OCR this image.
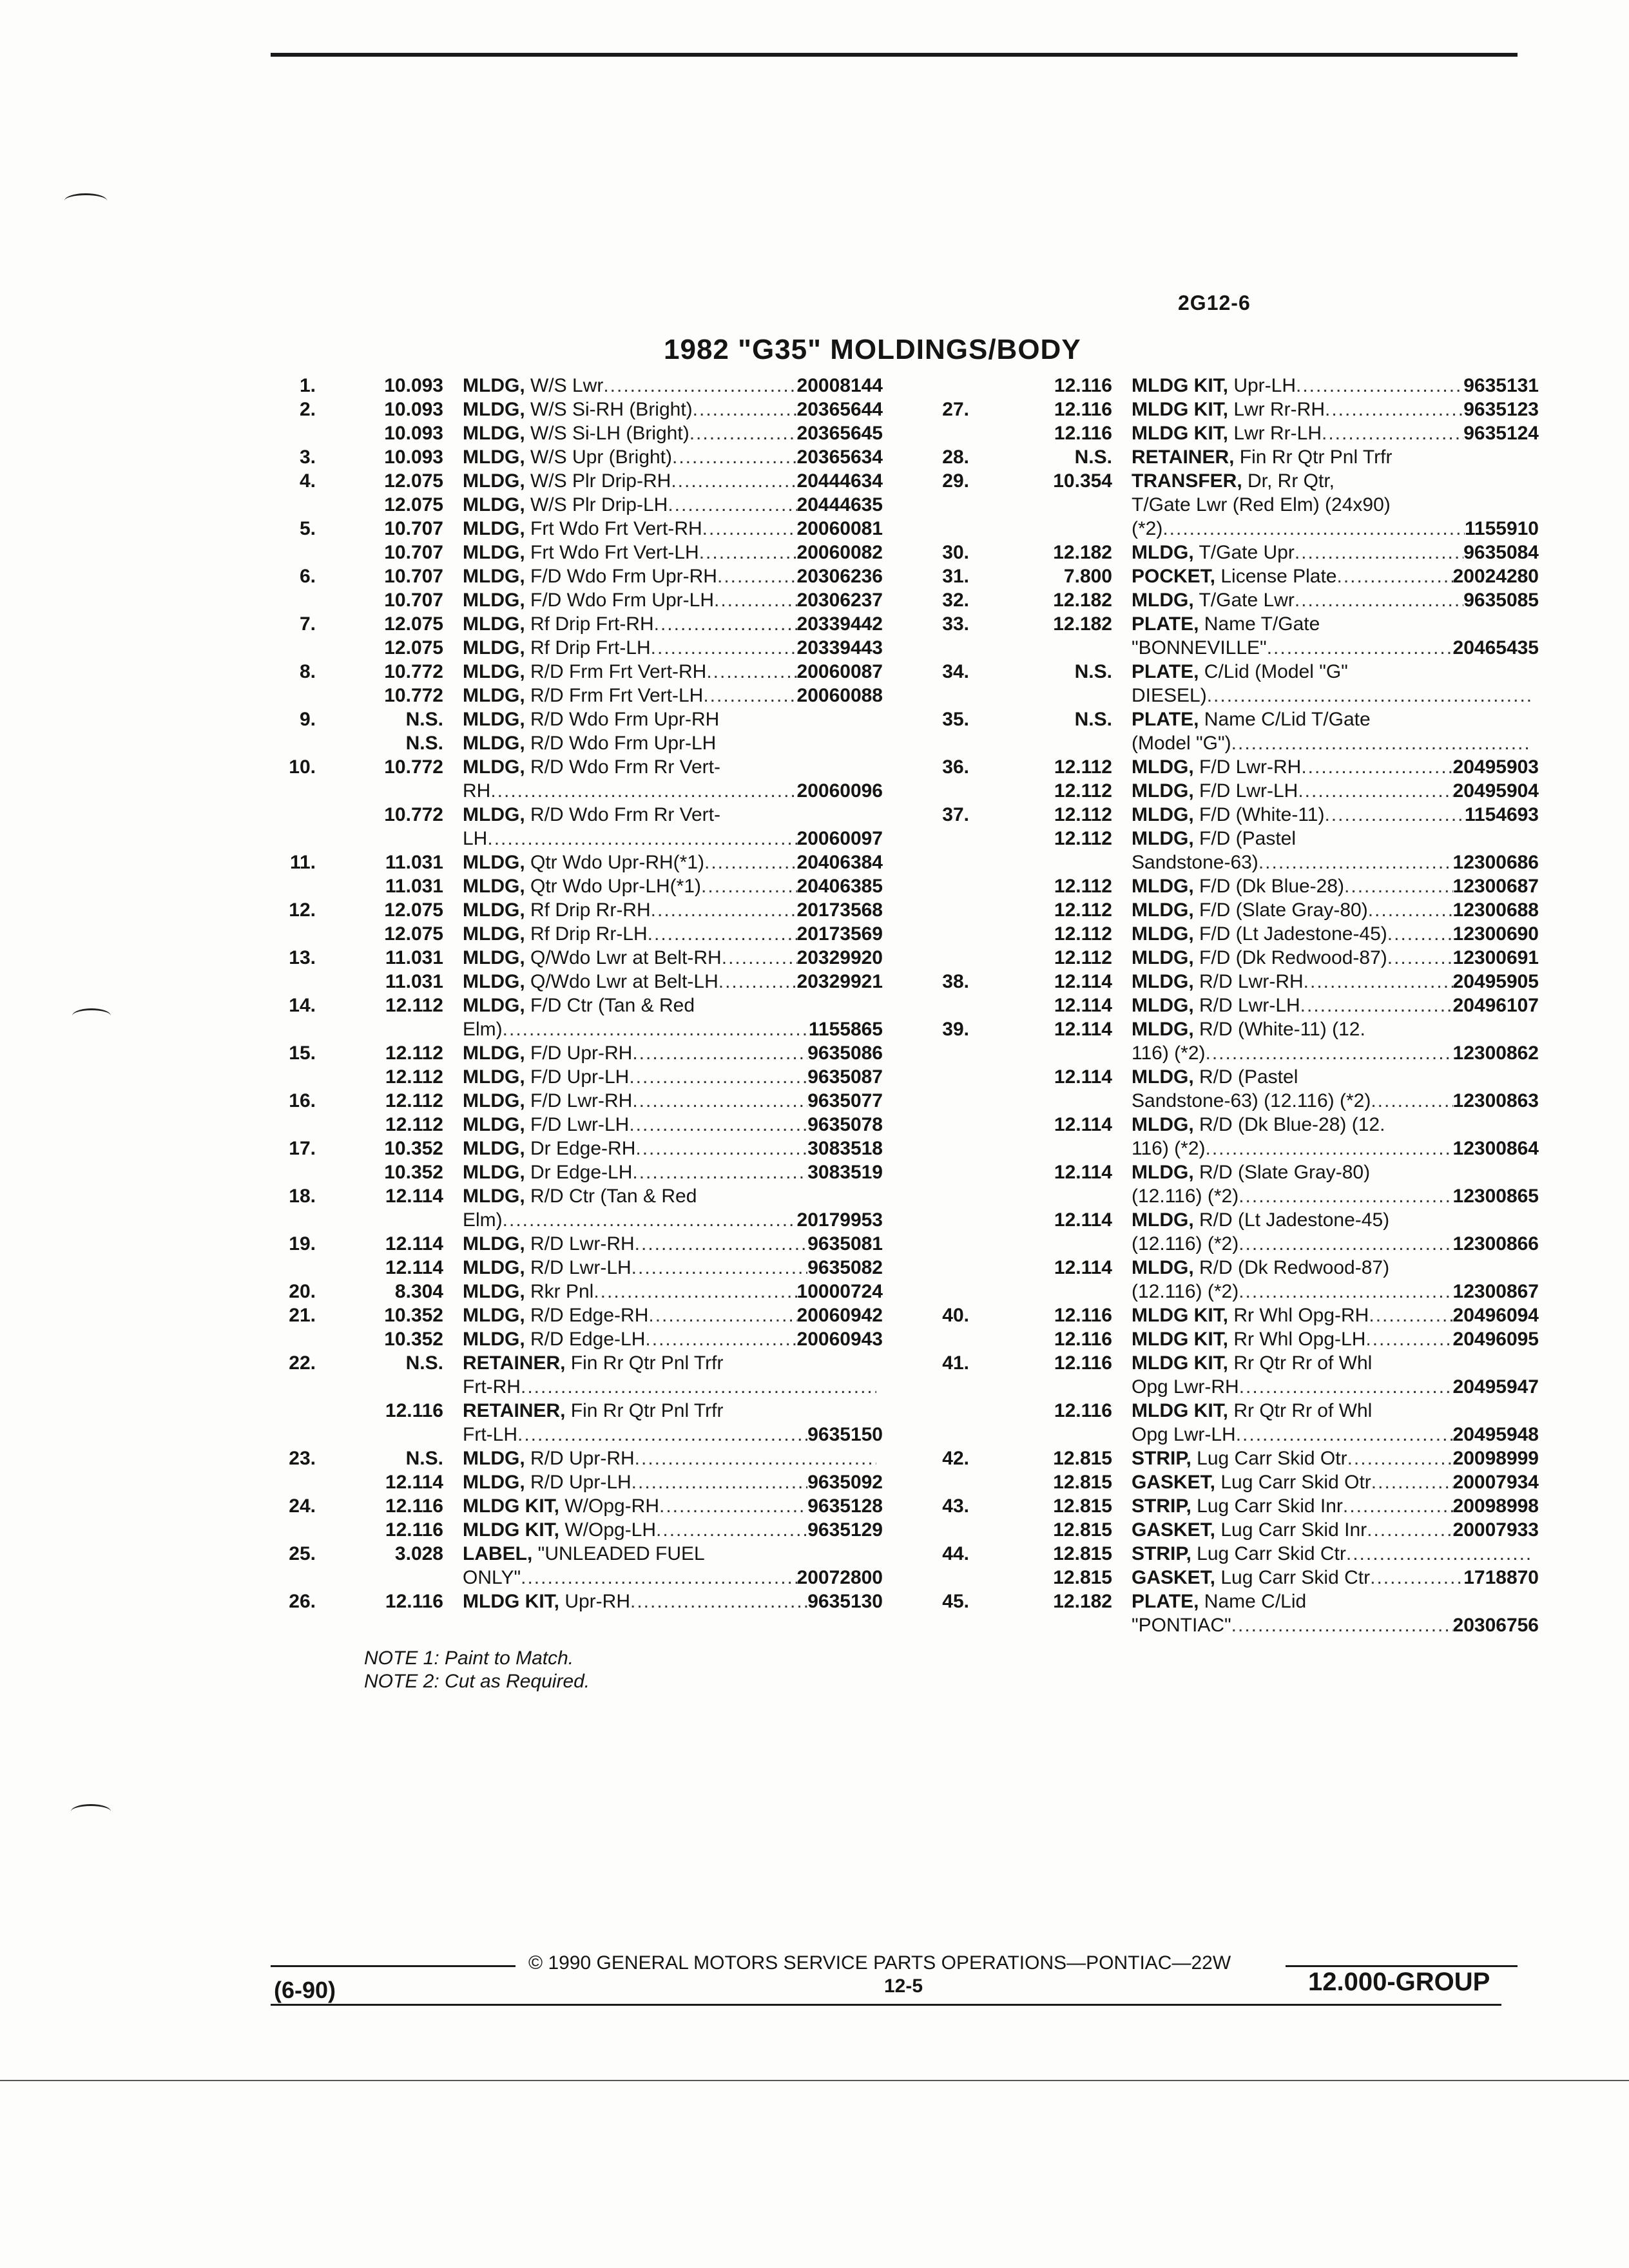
2G12-6
1982 "G35" MOLDINGS/BODY
1.	10.093 MLDG, W/S Lwr .....	20008144
2.	10.093 MLDG, W/S Si-RH (Bright) .....	20365644
10.093 MLDG, W/S Si-LH (Bright) .....	20365645
3.	10.093 MLDG, W/S Upr (Bright) .....	20365634
4.	12.075 MLDG, W/S Plr Drip-RH .....	20444634
12.075 MLDG, W/S Plr Drip-LH .....	20444635
5.	10.707 MLDG, Frt Wdo Frt Vert-RH .....	20060081
10.707 MLDG, Frt Wdo Frt Vert-LH .....	20060082
6.	10.707 MLDG, F/D Wdo Frm Upr-RH .....	20306236
10.707 MLDG, F/D Wdo Frm Upr-LH .....	20306237
7.	12.075 MLDG, Rf Drip Frt-RH .....	20339442
12.075 MLDG, Rf Drip Frt-LH .....	20339443
8.	10.772 MLDG, R/D Frm Frt Vert-RH .....	20060087
10.772 MLDG, R/D Frm Frt Vert-LH .....	20060088
9.	N.S. MLDG, R/D Wdo Frm Upr-RH
N.S. MLDG, R/D Wdo Frm Upr-LH
10.	10.772 MLDG, R/D Wdo Frm Rr Vert-
RH .....	20060096
10.772 MLDG, R/D Wdo Frm Rr Vert-
LH .....	20060097
11.	11.031 MLDG, Qtr Wdo Upr-RH(*1) .....	20406384
11.031 MLDG, Qtr Wdo Upr-LH(*1) .....	20406385
12.	12.075 MLDG, Rf Drip Rr-RH .....	20173568
12.075 MLDG, Rf Drip Rr-LH .....	20173569
13.	11.031 MLDG, Q/Wdo Lwr at Belt-RH .....	20329920
11.031 MLDG, Q/Wdo Lwr at Belt-LH .....	20329921
14.	12.112 MLDG, F/D Ctr (Tan & Red
Elm) .....	1155865
15.	12.112 MLDG, F/D Upr-RH .....	9635086
12.112 MLDG, F/D Upr-LH .....	9635087
16.	12.112 MLDG, F/D Lwr-RH .....	9635077
12.112 MLDG, F/D Lwr-LH .....	9635078
17.	10.352 MLDG, Dr Edge-RH .....	3083518
10.352 MLDG, Dr Edge-LH .....	3083519
18.	12.114 MLDG, R/D Ctr (Tan & Red
Elm) .....	20179953
19.	12.114 MLDG, R/D Lwr-RH .....	9635081
12.114 MLDG, R/D Lwr-LH .....	9635082
20.	8.304 MLDG, Rkr Pnl .....	10000724
21.	10.352 MLDG, R/D Edge-RH .....	20060942
10.352 MLDG, R/D Edge-LH .....	20060943
22.	N.S. RETAINER, Fin Rr Qtr Pnl Trfr
Frt-RH
.....
12.116 RETAINER, Fin Rr Qtr Pnl Trfr
Frt-LH .....	9635150
23.	N.S. MLDG, R/D Upr-RH
.....
12.114 MLDG, R/D Upr-LH .....	9635092
24.	12.116 MLDG KIT, W/Opg-RH .....	9635128
12.116 MLDG KIT, W/Opg-LH .....	9635129
25.	3.028 LABEL, "UNLEADED FUEL
ONLY" .....	20072800
26.	12.116 MLDG KIT, Upr-RH .....	9635130
12.116 MLDG KIT, Upr-LH .....	9635131
27.	12.116 MLDG KIT, Lwr Rr-RH .....	9635123
12.116 MLDG KIT, Lwr Rr-LH .....	9635124
28.	N.S. RETAINER, Fin Rr Qtr Pnl Trfr
29.	10.354 TRANSFER, Dr, Rr Qtr,
T/Gate Lwr (Red Elm) (24x90)
(*2) .....	1155910
30.	12.182 MLDG, T/Gate Upr .....	9635084
31.	7.800 POCKET, License Plate .....	20024280
32.	12.182 MLDG, T/Gate Lwr .....	9635085
33.	12.182 PLATE, Name T/Gate
"BONNEVILLE" .....	20465435
34.	N.S. PLATE, C/Lid (Model "G"
DIESEL)
.....
35.	N.S. PLATE, Name C/Lid T/Gate
(Model "G")
.....
36.	12.112 MLDG, F/D Lwr-RH .....	20495903
12.112 MLDG, F/D Lwr-LH .....	20495904
37.	12.112 MLDG, F/D (White-11) .....	1154693
12.112 MLDG, F/D (Pastel
Sandstone-63) .....	12300686
12.112 MLDG, F/D (Dk Blue-28) .....	12300687
12.112 MLDG, F/D (Slate Gray-80) .....	12300688
12.112 MLDG, F/D (Lt Jadestone-45) .....	12300690
12.112 MLDG, F/D (Dk Redwood-87) .....	12300691
38.	12.114 MLDG, R/D Lwr-RH .....	20495905
12.114 MLDG, R/D Lwr-LH .....	20496107
39.	12.114 MLDG, R/D (White-11) (12.
116) (*2) .....	12300862
12.114 MLDG, R/D (Pastel
Sandstone-63) (12.116) (*2) .....	12300863
12.114 MLDG, R/D (Dk Blue-28) (12.
116) (*2) .....	12300864
12.114 MLDG, R/D (Slate Gray-80)
(12.116) (*2) .....	12300865
12.114 MLDG, R/D (Lt Jadestone-45)
(12.116) (*2) .....	12300866
12.114 MLDG, R/D (Dk Redwood-87)
(12.116) (*2) .....	12300867
40.	12.116 MLDG KIT, Rr Whl Opg-RH .....	20496094
12.116 MLDG KIT, Rr Whl Opg-LH .....	20496095
41.	12.116 MLDG KIT, Rr Qtr Rr of Whl
Opg Lwr-RH .....	20495947
12.116 MLDG KIT, Rr Qtr Rr of Whl
Opg Lwr-LH .....	20495948
42.	12.815 STRIP, Lug Carr Skid Otr .....	20098999
12.815 GASKET, Lug Carr Skid Otr .....	20007934
43.	12.815 STRIP, Lug Carr Skid Inr .....	20098998
12.815 GASKET, Lug Carr Skid Inr .....	20007933
44.	12.815 STRIP, Lug Carr Skid Ctr
.....
12.815 GASKET, Lug Carr Skid Ctr .....	1718870
45.	12.182 PLATE, Name C/Lid
"PONTIAC" .....	20306756
NOTE 1: Paint to Match.
NOTE 2: Cut as Required.
© 1990 GENERAL MOTORS SERVICE PARTS OPERATIONS—PONTIAC—22W
(6-90)	12-5	12.000-GROUP
